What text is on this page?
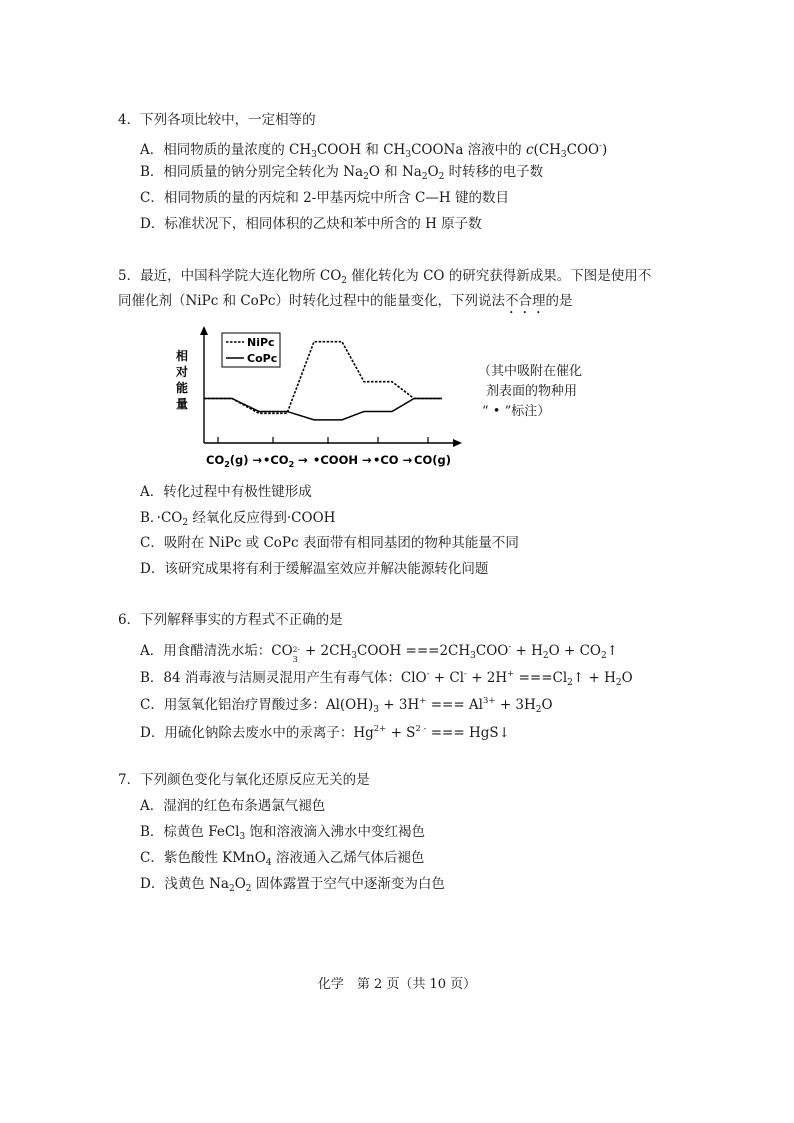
4．下列各项比较中，一定相等的
A．相同物质的量浓度的 $CH_3COOH$ 和 $CH_3COONa$ 溶液中的 $c(CH_3COO^-)$
B．相同质量的钠分别完全转化为 $Na_2O$ 和 $Na_2O_2$ 时转移的电子数
C．相同物质的量的丙烷和 2-甲基丙烷中所含 C—H 键的数目
D．标准状况下，相同体积的乙炔和苯中所含的 H 原子数
5．最近，中国科学院大连化物所 $CO_2$ 催化转化为 CO 的研究获得新成果。下图是使用不
同催化剂（NiPc 和 CoPc）时转化过程中的能量变化，下列说法不合理的是
相
对
能
量
NiPc
CoPc
$CO_2(g)$ → $•CO_2$ → •COOH → •CO → CO(g)
（其中吸附在催化
剂表面的物种用
“ • ”标注）
A．转化过程中有极性键形成
B．$\cdot CO_2$ 经氧化反应得到·COOH
C．吸附在 NiPc 或 CoPc 表面带有相同基团的物种其能量不同
D．该研究成果将有利于缓解温室效应并解决能源转化问题
6．下列解释事实的方程式不正确的是
A．用食醋清洗水垢：CO 2-
3
+ $2CH_3COOH ===2CH_3COO^- + H_2O$ + $CO_2↑$
B．84 消毒液与洁厕灵混用产生有毒气体：$ClO^- + Cl^- + 2H^+ ===Cl_2↑ + H_2O$
C．用氢氧化铝治疗胃酸过多：$Al(OH)_3 + 3H^+$ === $Al^{3+} + 3H_2O$
D．用硫化钠除去废水中的汞离子：$Hg^{2+} + S^{2 -}$ === HgS↓
7．下列颜色变化与氧化还原反应无关的是
A．湿润的红色布条遇氯气褪色
B．棕黄色 FeCl$_3$ 饱和溶液滴入沸水中变红褐色
C．紫色酸性 KMnO$_4$ 溶液通入乙烯气体后褪色
D．浅黄色 $Na_2O_2$ 固体露置于空气中逐渐变为白色
化学　第 2 页（共 10 页）
